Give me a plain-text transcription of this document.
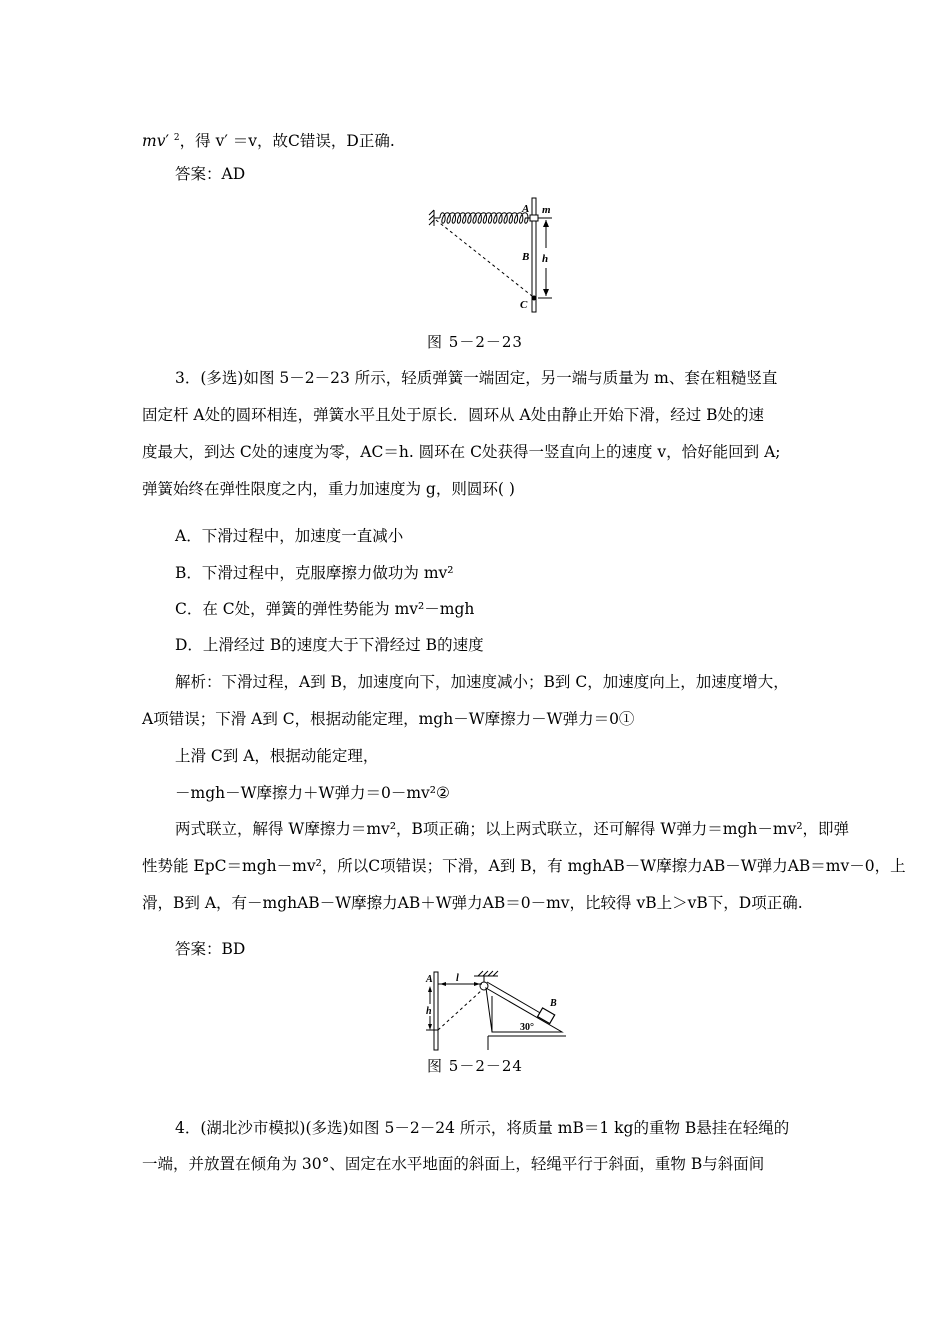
mv′ $^2$，得 v′ ＝v，故C错误，D正确.
答案：AD
A m
B h
C
图 5－2－23
3．(多选)如图 5－2－23 所示，轻质弹簧一端固定，另一端与质量为 m、套在粗糙竖直
固定杆 A处的圆环相连，弹簧水平且处于原长．圆环从 A处由静止开始下滑，经过 B处的速
度最大，到达 C处的速度为零，AC＝h. 圆环在 C处获得一竖直向上的速度 v，恰好能回到 A;
弹簧始终在弹性限度之内，重力加速度为 g，则圆环( )
A．下滑过程中，加速度一直减小
B．下滑过程中，克服摩擦力做功为 mv²
C．在 C处，弹簧的弹性势能为 mv²－mgh
D．上滑经过 B的速度大于下滑经过 B的速度
解析：下滑过程，A到 B，加速度向下，加速度减小；B到 C，加速度向上，加速度增大，
A项错误；下滑 A到 C，根据动能定理，mgh－W摩擦力－W弹力＝0①
上滑 C到 A，根据动能定理，
－mgh－W摩擦力＋W弹力＝0－mv²②
两式联立，解得 W摩擦力＝mv²，B项正确；以上两式联立，还可解得 W弹力＝mgh－mv²，即弹
性势能 EpC＝mgh－mv²，所以C项错误；下滑，A到 B，有 mghAB－W摩擦力AB－W弹力AB＝mv－0，上
滑，B到 A，有－mghAB－W摩擦力AB＋W弹力AB＝0－mv，比较得 vB上＞vB下，D项正确.
答案：BD
A l
h
B
30°
图 5－2－24
4．(湖北沙市模拟)(多选)如图 5－2－24 所示，将质量 mB＝1 kg的重物 B悬挂在轻绳的
一端，并放置在倾角为 30°、固定在水平地面的斜面上，轻绳平行于斜面，重物 B与斜面间
